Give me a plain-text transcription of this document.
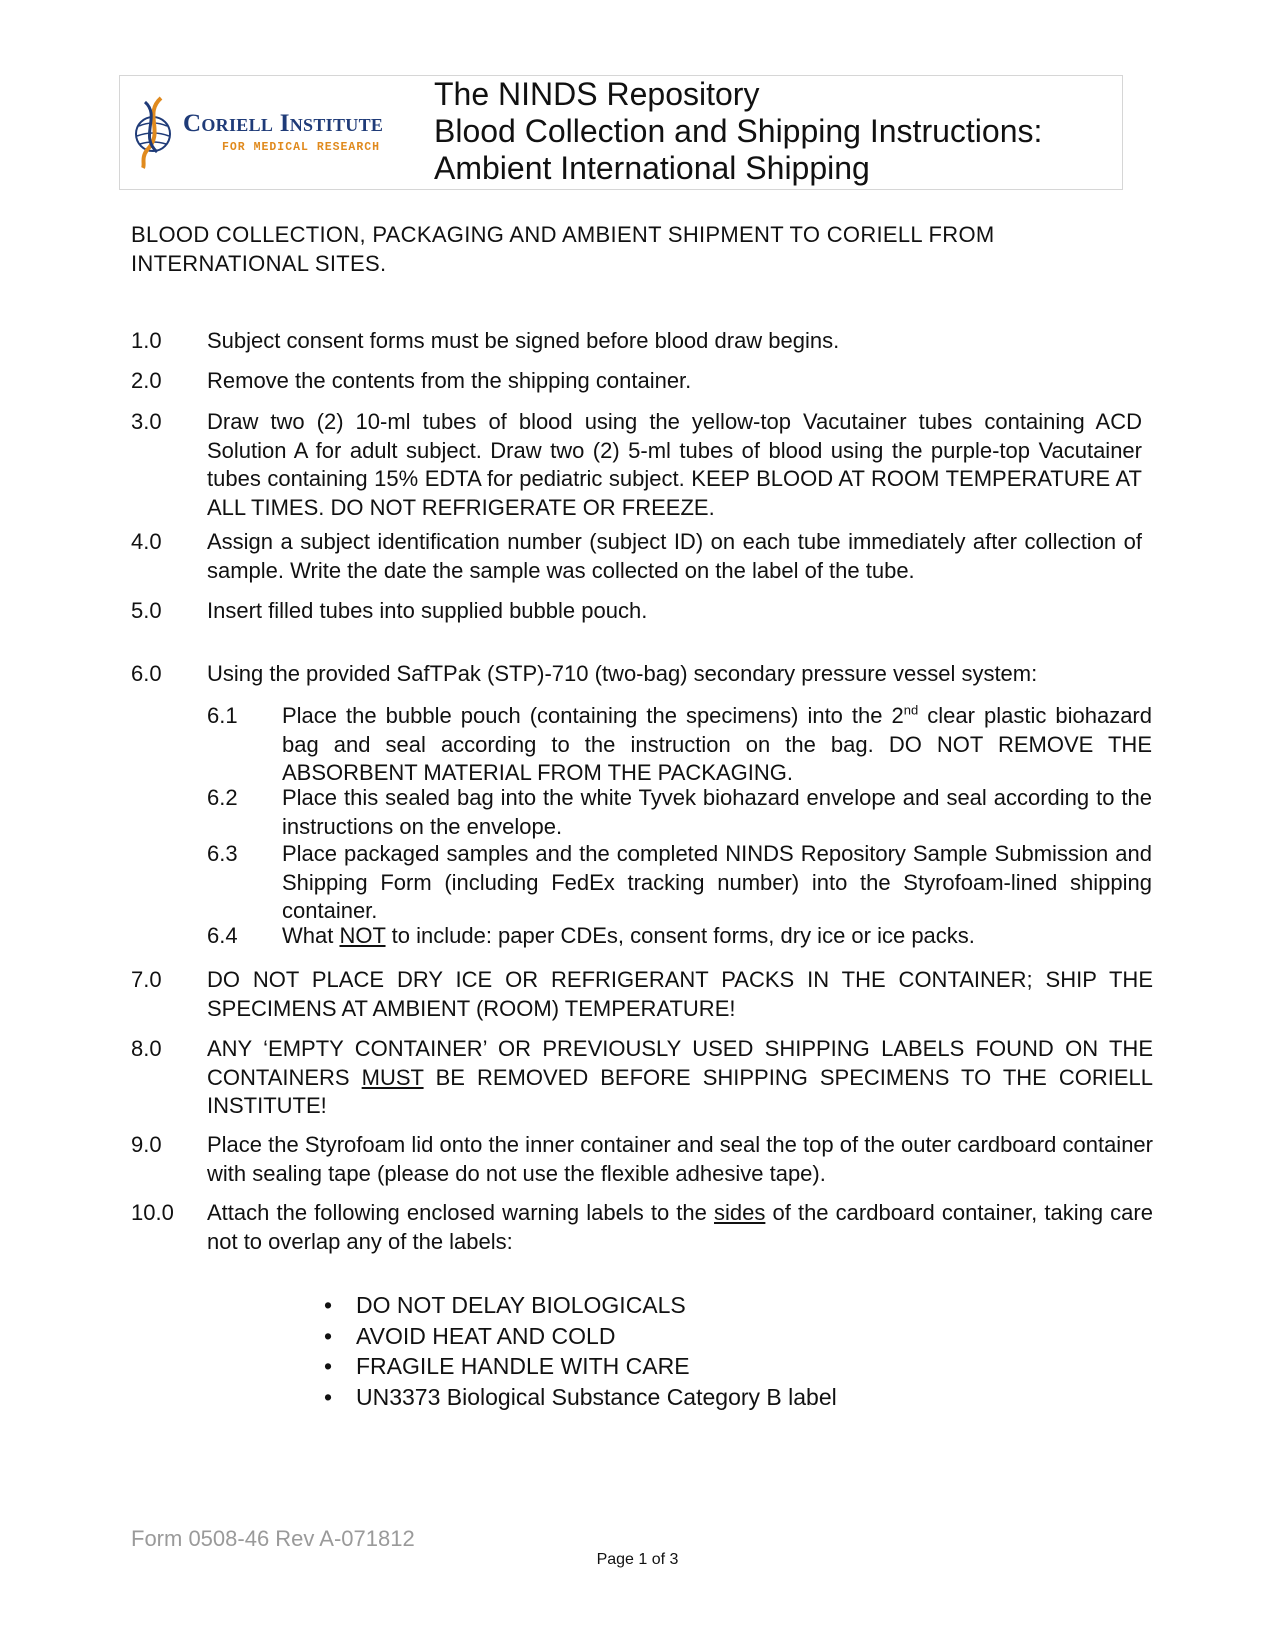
Coriell Institute
FOR MEDICAL RESEARCH
The NINDS Repository
Blood Collection and Shipping Instructions:
Ambient International Shipping
BLOOD COLLECTION, PACKAGING AND AMBIENT SHIPMENT TO CORIELL FROM INTERNATIONAL SITES.
1.0	Subject consent forms must be signed before blood draw begins.
2.0	Remove the contents from the shipping container.
3.0	Draw two (2) 10-ml tubes of blood using the yellow-top Vacutainer tubes containing ACD Solution A for adult subject. Draw two (2) 5-ml tubes of blood using the purple-top Vacutainer tubes containing 15% EDTA for pediatric subject. KEEP BLOOD AT ROOM TEMPERATURE AT ALL TIMES. DO NOT REFRIGERATE OR FREEZE.
4.0	Assign a subject identification number (subject ID) on each tube immediately after collection of sample. Write the date the sample was collected on the label of the tube.
5.0	Insert filled tubes into supplied bubble pouch.
6.0	Using the provided SafTPak (STP)-710 (two-bag) secondary pressure vessel system:
6.1	Place the bubble pouch (containing the specimens) into the 2nd clear plastic biohazard bag and seal according to the instruction on the bag. DO NOT REMOVE THE ABSORBENT MATERIAL FROM THE PACKAGING.
6.2	Place this sealed bag into the white Tyvek biohazard envelope and seal according to the instructions on the envelope.
6.3	Place packaged samples and the completed NINDS Repository Sample Submission and Shipping Form (including FedEx tracking number) into the Styrofoam-lined shipping container.
6.4	What NOT to include: paper CDEs, consent forms, dry ice or ice packs.
7.0	DO NOT PLACE DRY ICE OR REFRIGERANT PACKS IN THE CONTAINER; SHIP THE SPECIMENS AT AMBIENT (ROOM) TEMPERATURE!
8.0	ANY ‘EMPTY CONTAINER’ OR PREVIOUSLY USED SHIPPING LABELS FOUND ON THE CONTAINERS MUST BE REMOVED BEFORE SHIPPING SPECIMENS TO THE CORIELL INSTITUTE!
9.0	Place the Styrofoam lid onto the inner container and seal the top of the outer cardboard container with sealing tape (please do not use the flexible adhesive tape).
10.0	Attach the following enclosed warning labels to the sides of the cardboard container, taking care not to overlap any of the labels:
• DO NOT DELAY BIOLOGICALS
• AVOID HEAT AND COLD
• FRAGILE HANDLE WITH CARE
• UN3373 Biological Substance Category B label
Form 0508-46 Rev A-071812
Page 1 of 3
